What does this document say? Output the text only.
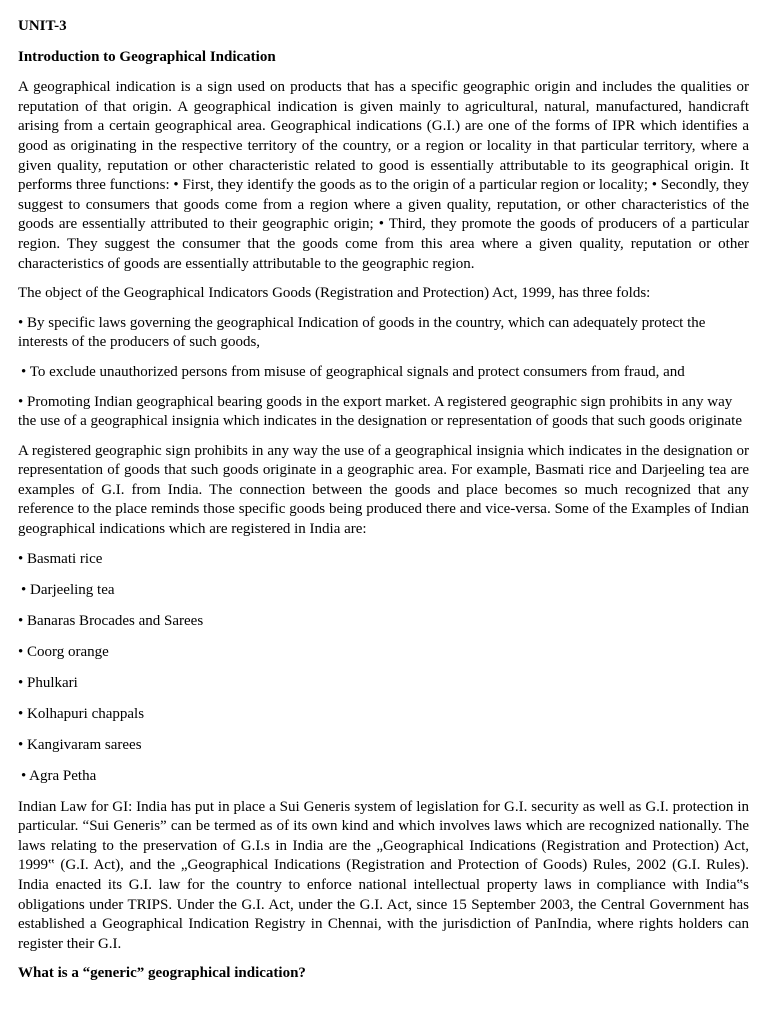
UNIT-3
Introduction to Geographical Indication

A geographical indication is a sign used on products that has a specific geographic origin and includes the qualities or reputation of that origin. A geographical indication is given mainly to agricultural, natural, manufactured, handicraft arising from a certain geographical area. Geographical indications (G.I.) are one of the forms of IPR which identifies a good as originating in the respective territory of the country, or a region or locality in that particular territory, where a given quality, reputation or other characteristic related to good is essentially attributable to its geographical origin. It performs three functions: • First, they identify the goods as to the origin of a particular region or locality; • Secondly, they suggest to consumers that goods come from a region where a given quality, reputation, or other characteristics of the goods are essentially attributed to their geographic origin; • Third, they promote the goods of producers of a particular region. They suggest the consumer that the goods come from this area where a given quality, reputation or other characteristics of goods are essentially attributable to the geographic region.

The object of the Geographical Indicators Goods (Registration and Protection) Act, 1999, has three folds:

• By specific laws governing the geographical Indication of goods in the country, which can adequately protect the interests of the producers of such goods,

• To exclude unauthorized persons from misuse of geographical signals and protect consumers from fraud, and

• Promoting Indian geographical bearing goods in the export market. A registered geographic sign prohibits in any way the use of a geographical insignia which indicates in the designation or representation of goods that such goods originate

A registered geographic sign prohibits in any way the use of a geographical insignia which indicates in the designation or representation of goods that such goods originate in a geographic area. For example, Basmati rice and Darjeeling tea are examples of G.I. from India. The connection between the goods and place becomes so much recognized that any reference to the place reminds those specific goods being produced there and vice-versa. Some of the Examples of Indian geographical indications which are registered in India are:

• Basmati rice
• Darjeeling tea
• Banaras Brocades and Sarees
• Coorg orange
• Phulkari
• Kolhapuri chappals
• Kangivaram sarees
• Agra Petha

Indian Law for GI: India has put in place a Sui Generis system of legislation for G.I. security as well as G.I. protection in particular. “Sui Generis” can be termed as of its own kind and which involves laws which are recognized nationally. The laws relating to the preservation of G.I.s in India are the „Geographical Indications (Registration and Protection) Act, 1999‟ (G.I. Act), and the „Geographical Indications (Registration and Protection of Goods) Rules, 2002 (G.I. Rules). India enacted its G.I. law for the country to enforce national intellectual property laws in compliance with India‟s obligations under TRIPS. Under the G.I. Act, under the G.I. Act, since 15 September 2003, the Central Government has established a Geographical Indication Registry in Chennai, with the jurisdiction of PanIndia, where rights holders can register their G.I.

What is a “generic” geographical indication?
